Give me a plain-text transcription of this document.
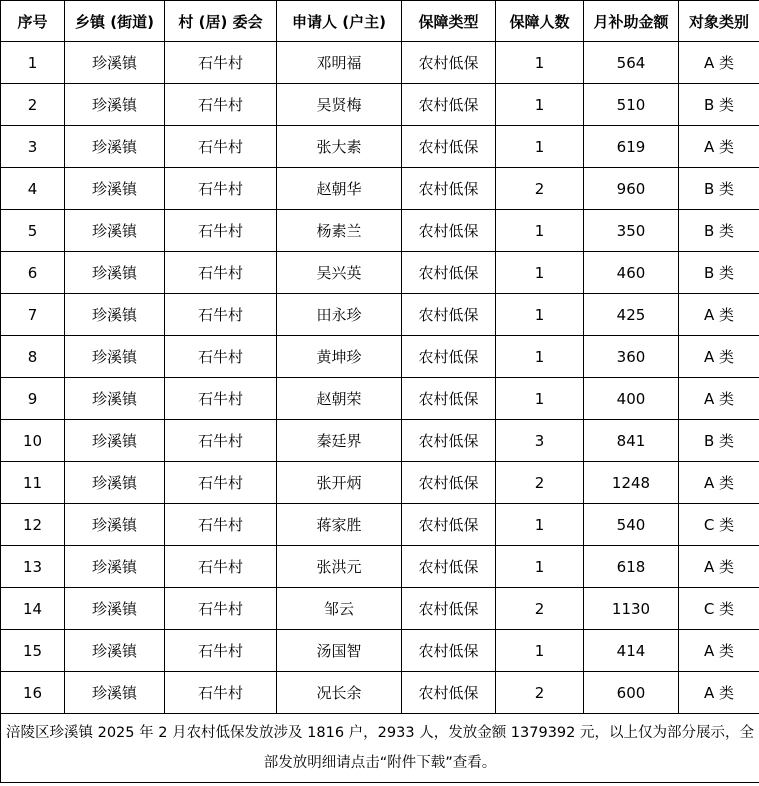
序号	乡镇 (街道)	村 (居) 委会	申请人 (户主)	保障类型	保障人数	月补助金额	对象类别
1	珍溪镇	石牛村	邓明福	农村低保	1	564	A 类
2	珍溪镇	石牛村	吴贤梅	农村低保	1	510	B 类
3	珍溪镇	石牛村	张大素	农村低保	1	619	A 类
4	珍溪镇	石牛村	赵朝华	农村低保	2	960	B 类
5	珍溪镇	石牛村	杨素兰	农村低保	1	350	B 类
6	珍溪镇	石牛村	吴兴英	农村低保	1	460	B 类
7	珍溪镇	石牛村	田永珍	农村低保	1	425	A 类
8	珍溪镇	石牛村	黄坤珍	农村低保	1	360	A 类
9	珍溪镇	石牛村	赵朝荣	农村低保	1	400	A 类
10	珍溪镇	石牛村	秦廷界	农村低保	3	841	B 类
11	珍溪镇	石牛村	张开炳	农村低保	2	1248	A 类
12	珍溪镇	石牛村	蒋家胜	农村低保	1	540	C 类
13	珍溪镇	石牛村	张洪元	农村低保	1	618	A 类
14	珍溪镇	石牛村	邹云	农村低保	2	1130	C 类
15	珍溪镇	石牛村	汤国智	农村低保	1	414	A 类
16	珍溪镇	石牛村	况长余	农村低保	2	600	A 类

涪陵区珍溪镇 2025 年 2 月农村低保发放涉及 1816 户，2933 人，发放金额 1379392 元，以上仅为部分展示，全部发放明细请点击“附件下载”查看。							
